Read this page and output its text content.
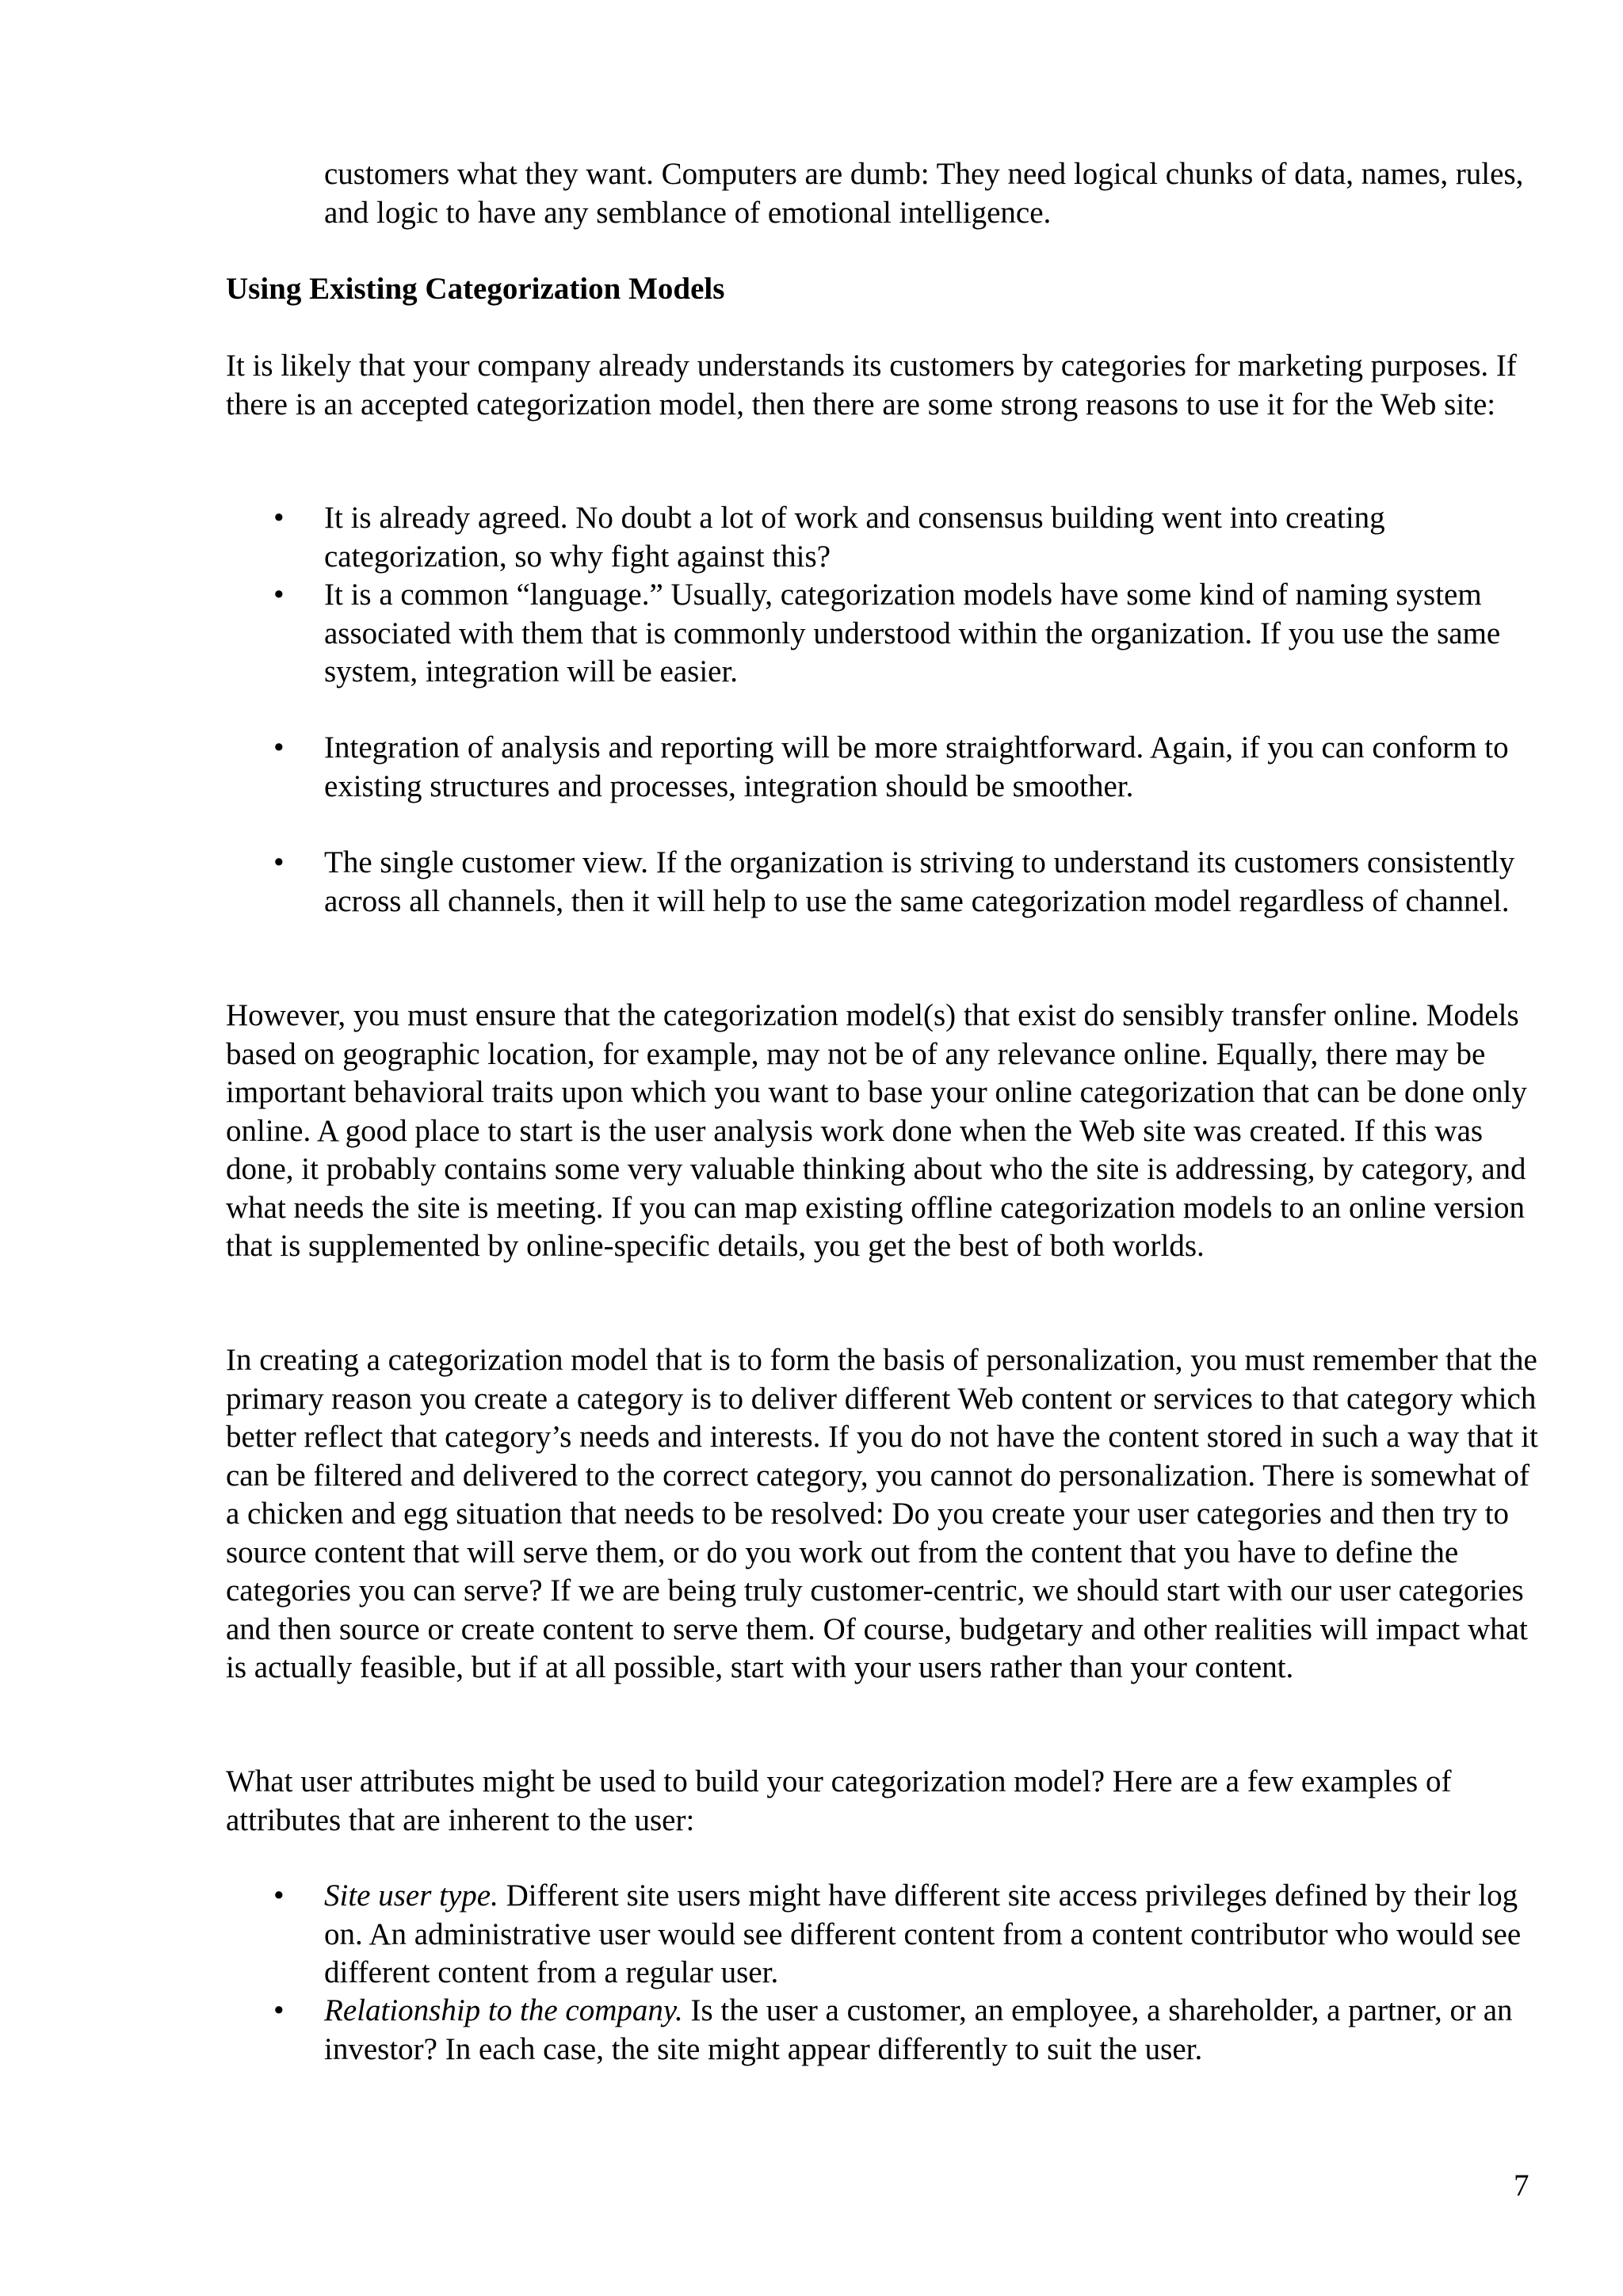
customers what they want. Computers are dumb: They need logical chunks of data, names, rules, and logic to have any semblance of emotional intelligence.

Using Existing Categorization Models

It is likely that your company already understands its customers by categories for marketing purposes. If there is an accepted categorization model, then there are some strong reasons to use it for the Web site:

•	It is already agreed. No doubt a lot of work and consensus building went into creating categorization, so why fight against this?
•	It is a common “language.” Usually, categorization models have some kind of naming system associated with them that is commonly understood within the organization. If you use the same system, integration will be easier.
•	Integration of analysis and reporting will be more straightforward. Again, if you can conform to existing structures and processes, integration should be smoother.
•	The single customer view. If the organization is striving to understand its customers consistently across all channels, then it will help to use the same categorization model regardless of channel.

However, you must ensure that the categorization model(s) that exist do sensibly transfer online. Models based on geographic location, for example, may not be of any relevance online. Equally, there may be important behavioral traits upon which you want to base your online categorization that can be done only online. A good place to start is the user analysis work done when the Web site was created. If this was done, it probably contains some very valuable thinking about who the site is addressing, by category, and what needs the site is meeting. If you can map existing offline categorization models to an online version that is supplemented by online-specific details, you get the best of both worlds.

In creating a categorization model that is to form the basis of personalization, you must remember that the primary reason you create a category is to deliver different Web content or services to that category which better reflect that category’s needs and interests. If you do not have the content stored in such a way that it can be filtered and delivered to the correct category, you cannot do personalization. There is somewhat of a chicken and egg situation that needs to be resolved: Do you create your user categories and then try to source content that will serve them, or do you work out from the content that you have to define the categories you can serve? If we are being truly customer-centric, we should start with our user categories and then source or create content to serve them. Of course, budgetary and other realities will impact what is actually feasible, but if at all possible, start with your users rather than your content.

What user attributes might be used to build your categorization model? Here are a few examples of attributes that are inherent to the user:

•	Site user type. Different site users might have different site access privileges defined by their log on. An administrative user would see different content from a content contributor who would see different content from a regular user.
•	Relationship to the company. Is the user a customer, an employee, a shareholder, a partner, or an investor? In each case, the site might appear differently to suit the user.
7
